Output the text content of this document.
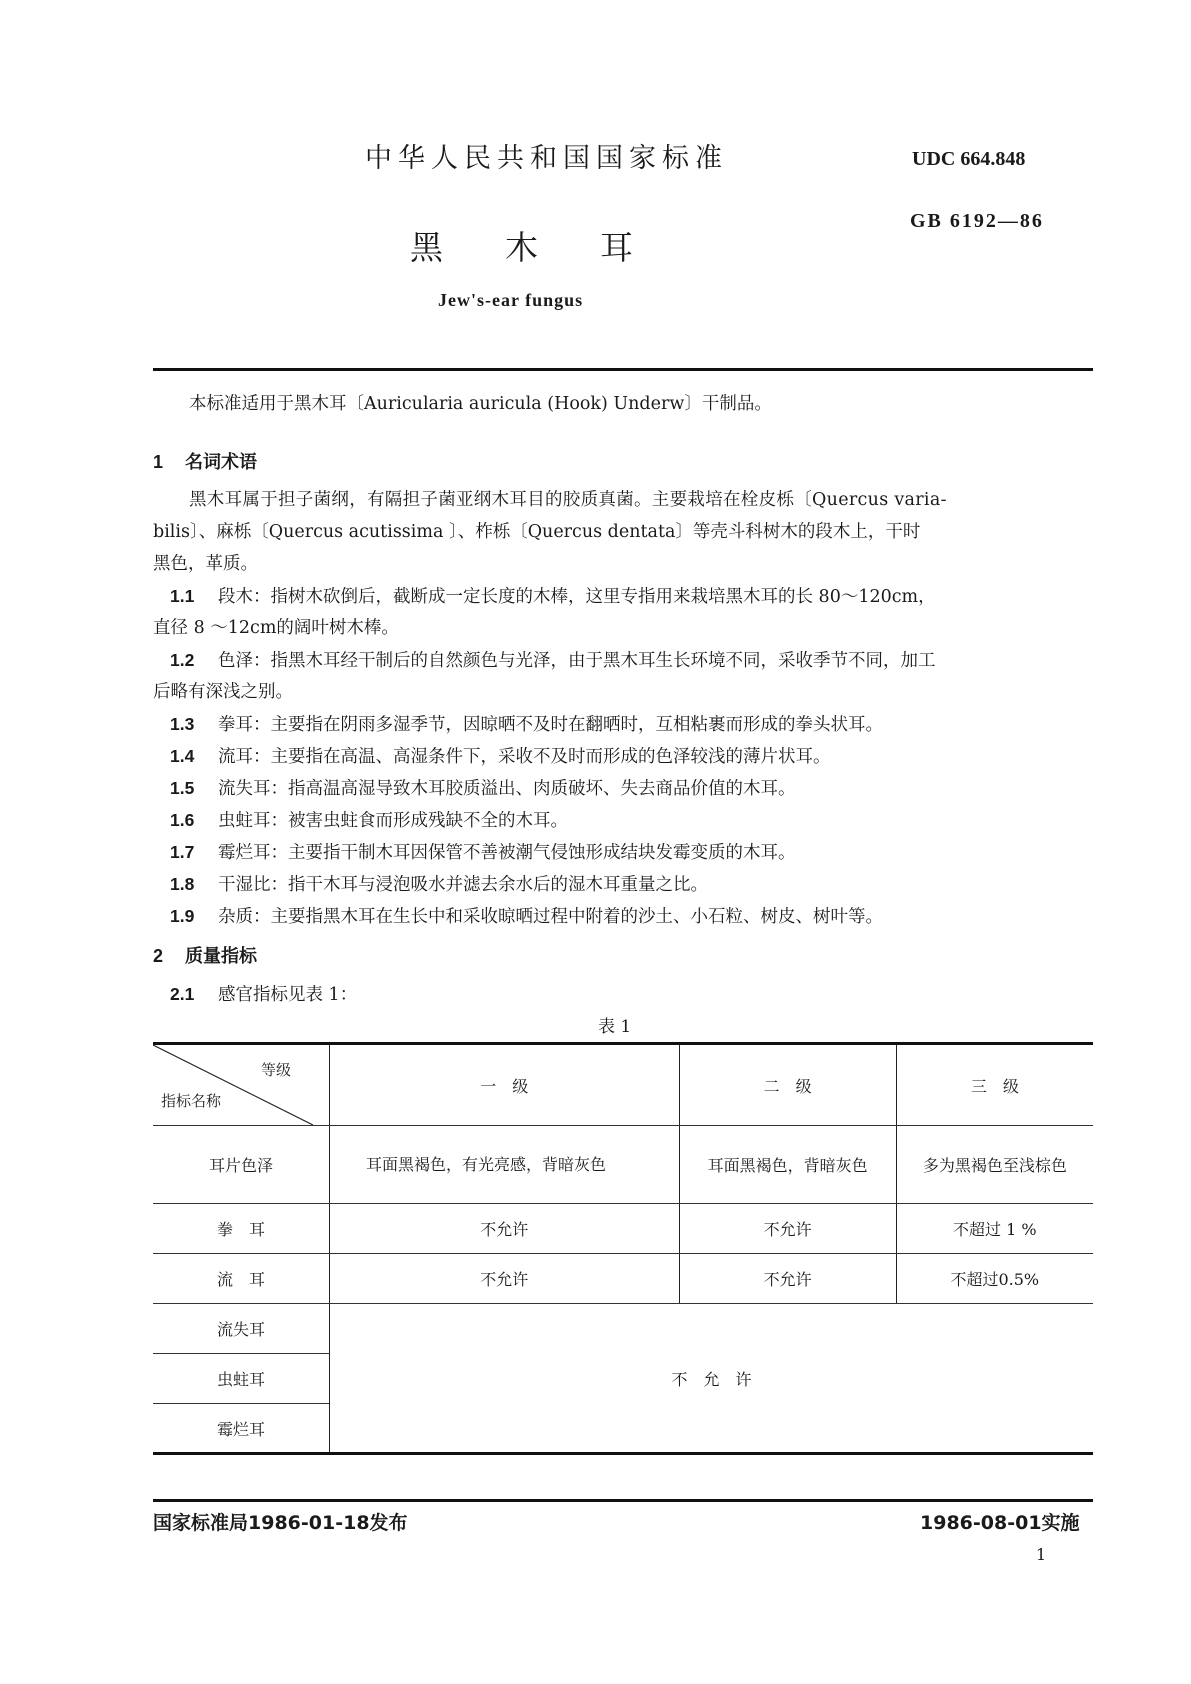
中华人民共和国国家标准	UDC 664.848
GB 6192—86
黑木耳
Jew's-ear fungus
本标准适用于黑木耳〔Auricularia auricula (Hook) Underw〕干制品。
1 名词术语
黑木耳属于担子菌纲，有隔担子菌亚纲木耳目的胶质真菌。主要栽培在栓皮栎〔Quercus varia-
bilis〕、麻栎〔Quercus acutissima 〕、柞栎〔Quercus dentata〕等壳斗科树木的段木上，干时
黑色，革质。
1.1 段木：指树木砍倒后，截断成一定长度的木棒，这里专指用来栽培黑木耳的长 80～120cm，
直径 8 ～12cm的阔叶树木棒。
1.2 色泽：指黑木耳经干制后的自然颜色与光泽，由于黑木耳生长环境不同，采收季节不同，加工
后略有深浅之别。
1.3 拳耳：主要指在阴雨多湿季节，因晾晒不及时在翻晒时，互相粘裹而形成的拳头状耳。
1.4 流耳：主要指在高温、高湿条件下，采收不及时而形成的色泽较浅的薄片状耳。
1.5 流失耳：指高温高湿导致木耳胶质溢出、肉质破坏、失去商品价值的木耳。
1.6 虫蛀耳：被害虫蛀食而形成残缺不全的木耳。
1.7 霉烂耳：主要指干制木耳因保管不善被潮气侵蚀形成结块发霉变质的木耳。
1.8 干湿比：指干木耳与浸泡吸水并滤去余水后的湿木耳重量之比。
1.9 杂质：主要指黑木耳在生长中和采收晾晒过程中附着的沙土、小石粒、树皮、树叶等。
2 质量指标
2.1 感官指标见表 1：
表 1
等级
指标名称	一　级	二　级	三　级
耳片色泽	耳面黑褐色，有光亮感，背暗灰色	耳面黑褐色，背暗灰色	多为黑褐色至浅棕色
拳　耳	不允许	不允许	不超过 1 %
流　耳	不允许	不允许	不超过0.5%
流失耳	不　允　许		
虫蛀耳			
霉烂耳			
国家标准局1986-01-18发布	1986-08-01实施
1
